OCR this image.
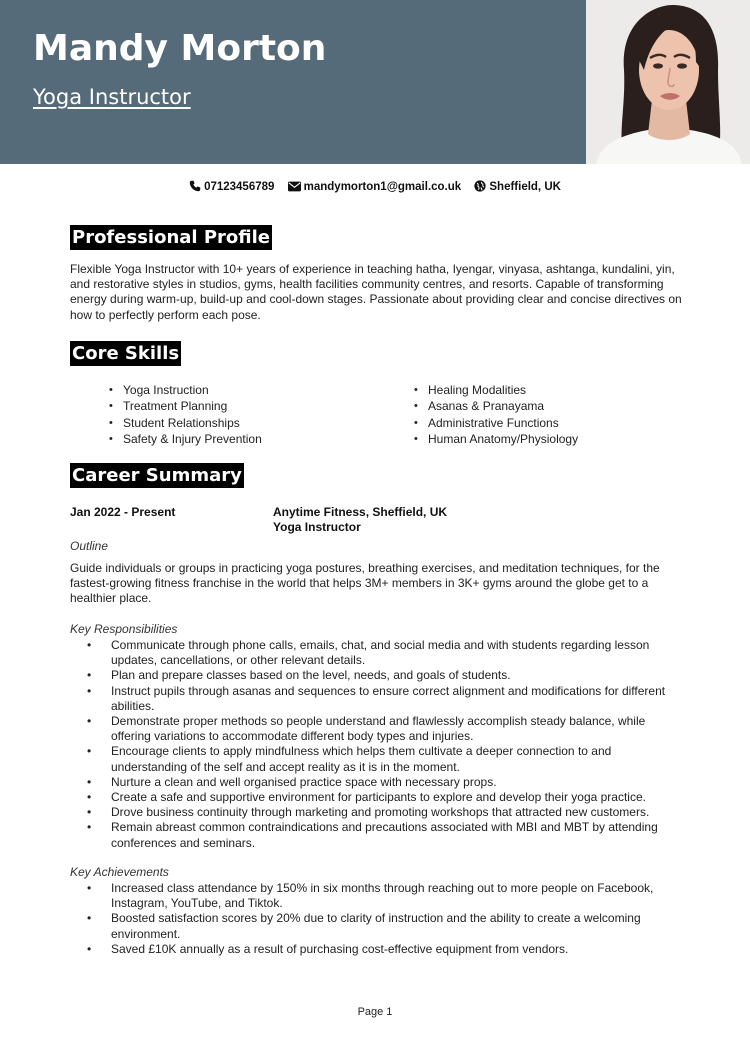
Mandy Morton
Yoga Instructor
07123456789	mandymorton1@gmail.co.uk Sheffield, UK
Professional Profile

Flexible Yoga Instructor with 10+ years of experience in teaching hatha, Iyengar, vinyasa, ashtanga, kundalini, yin, and restorative styles in studios, gyms, health facilities community centres, and resorts. Capable of transforming energy during warm-up, build-up and cool-down stages. Passionate about providing clear and concise directives on how to perfectly perform each pose.

Core Skills
• Yoga Instruction
• Treatment Planning
• Student Relationships
• Safety & Injury Prevention
• Healing Modalities
• Asanas & Pranayama
• Administrative Functions
• Human Anatomy/Physiology
Career Summary
Jan 2022 - Present	Anytime Fitness, Sheffield, UK
Yoga Instructor
Outline

Guide individuals or groups in practicing yoga postures, breathing exercises, and meditation techniques, for the fastest-growing fitness franchise in the world that helps 3M+ members in 3K+ gyms around the globe get to a healthier place.

Key Responsibilities
• Communicate through phone calls, emails, chat, and social media and with students regarding lesson updates, cancellations, or other relevant details.
• Plan and prepare classes based on the level, needs, and goals of students.
• Instruct pupils through asanas and sequences to ensure correct alignment and modifications for different abilities.
• Demonstrate proper methods so people understand and flawlessly accomplish steady balance, while offering variations to accommodate different body types and injuries.
• Encourage clients to apply mindfulness which helps them cultivate a deeper connection to and understanding of the self and accept reality as it is in the moment.
• Nurture a clean and well organised practice space with necessary props.
• Create a safe and supportive environment for participants to explore and develop their yoga practice.
• Drove business continuity through marketing and promoting workshops that attracted new customers.
• Remain abreast common contraindications and precautions associated with MBI and MBT by attending conferences and seminars.
Key Achievements
• Increased class attendance by 150% in six months through reaching out to more people on Facebook, Instagram, YouTube, and Tiktok.
• Boosted satisfaction scores by 20% due to clarity of instruction and the ability to create a welcoming environment.
• Saved £10K annually as a result of purchasing cost-effective equipment from vendors.
Page 1
